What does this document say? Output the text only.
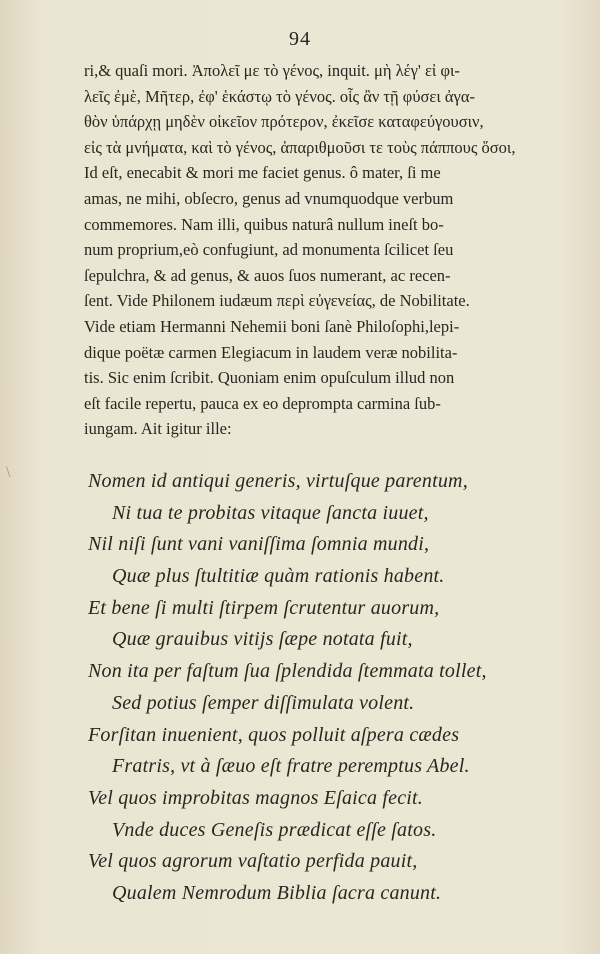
94
ri,& quaſi mori. Ἀπολεῖ με τὸ γένος, inquit. μὴ λέγ' εἰ φι-
λεῖς ἐμὲ, Μῆτερ, ἐφ' ἑκάστῳ τὸ γένος. οἷς ἂν τῇ φύσει ἀγα-
θὸν ὑπάρχῃ μηδὲν οἰκεῖον πρότερον, ἐκεῖσε καταφεύγουσιν,
εἰς τὰ μνήματα, καὶ τὸ γένος, ἀπαριθμοῦσι τε τοὺς πάππους ὅσοι,
Id eſt, enecabit & mori me faciet genus. ô mater, ſi me
amas, ne mihi, obſecro, genus ad vnumquodque verbum
commemores. Nam illi, quibus naturâ nullum ineſt bo-
num proprium,eò confugiunt, ad monumenta ſcilicet ſeu
ſepulchra, & ad genus, & auos ſuos numerant, ac recen-
ſent. Vide Philonem iudæum περὶ εὐγενείας, de Nobilitate.
Vide etiam Hermanni Nehemii boni ſanè Philoſophi,lepi-
dique poëtæ carmen Elegiacum in laudem veræ nobilita-
tis. Sic enim ſcribit. Quoniam enim opuſculum illud non
eſt facile repertu, pauca ex eo deprompta carmina ſub-
iungam. Ait igitur ille:
\	Nomen id antiqui generis, virtuſque parentum,
Ni tua te probitas vitaque ſancta iuuet,
Nil niſi ſunt vani vaniſſima ſomnia mundi,
Quæ plus ſtultitiæ quàm rationis habent.
Et bene ſi multi ſtirpem ſcrutentur auorum,
Quæ grauibus vitijs ſæpe notata fuit,
Non ita per faſtum ſua ſplendida ſtemmata tollet,
Sed potius ſemper diſſimulata volent.
Forſitan inuenient, quos polluit aſpera cædes
Fratris, vt à ſæuo eſt fratre peremptus Abel.
Vel quos improbitas magnos Eſaica fecit.
Vnde duces Geneſis prædicat eſſe ſatos.
Vel quos agrorum vaſtatio perfida pauit,
Qualem Nemrodum Biblia ſacra canunt.
